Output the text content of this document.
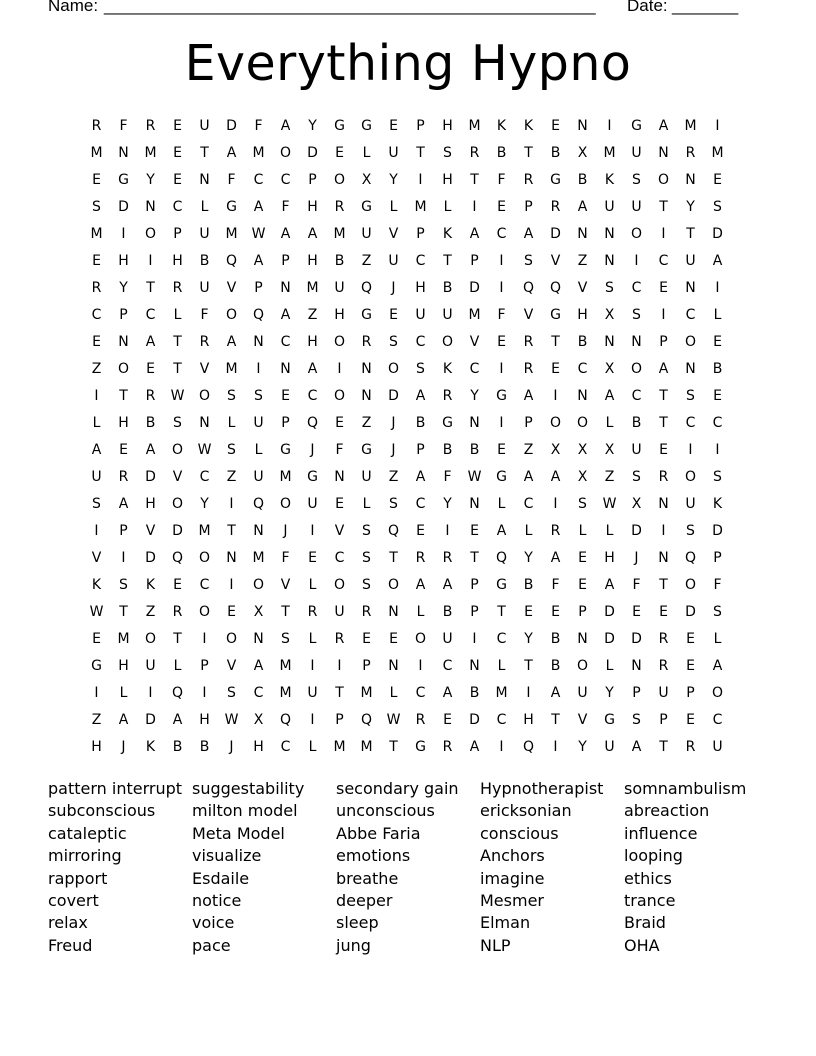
Name: ____________________________________________________ Date: _______
Everything Hypno
R	F	R	E	U	D	F	A	Y	G	G	E	P	H	M	K	K	E	N	I	G	A	M	I
M	N	M	E	T	A	M	O	D	E	L	U	T	S	R	B	T	B	X	M	U	N	R	M
E	G	Y	E	N	F	C	C	P	O	X	Y	I	H	T	F	R	G	B	K	S	O	N	E
S	D	N	C	L	G	A	F	H	R	G	L	M	L	I	E	P	R	A	U	U	T	Y	S
M	I	O	P	U	M	W	A	A	M	U	V	P	K	A	C	A	D	N	N	O	I	T	D
E	H	I	H	B	Q	A	P	H	B	Z	U	C	T	P	I	S	V	Z	N	I	C	U	A
R	Y	T	R	U	V	P	N	M	U	Q	J	H	B	D	I	Q	Q	V	S	C	E	N	I
C	P	C	L	F	O	Q	A	Z	H	G	E	U	U	M	F	V	G	H	X	S	I	C	L
E	N	A	T	R	A	N	C	H	O	R	S	C	O	V	E	R	T	B	N	N	P	O	E
Z	O	E	T	V	M	I	N	A	I	N	O	S	K	C	I	R	E	C	X	O	A	N	B
I	T	R	W	O	S	S	E	C	O	N	D	A	R	Y	G	A	I	N	A	C	T	S	E
L	H	B	S	N	L	U	P	Q	E	Z	J	B	G	N	I	P	O	O	L	B	T	C	C
A	E	A	O	W	S	L	G	J	F	G	J	P	B	B	E	Z	X	X	X	U	E	I	I
U	R	D	V	C	Z	U	M	G	N	U	Z	A	F	W	G	A	A	X	Z	S	R	O	S
S	A	H	O	Y	I	Q	O	U	E	L	S	C	Y	N	L	C	I	S	W	X	N	U	K
I	P	V	D	M	T	N	J	I	V	S	Q	E	I	E	A	L	R	L	L	D	I	S	D
V	I	D	Q	O	N	M	F	E	C	S	T	R	R	T	Q	Y	A	E	H	J	N	Q	P
K	S	K	E	C	I	O	V	L	O	S	O	A	A	P	G	B	F	E	A	F	T	O	F
W	T	Z	R	O	E	X	T	R	U	R	N	L	B	P	T	E	E	P	D	E	E	D	S
E	M	O	T	I	O	N	S	L	R	E	E	O	U	I	C	Y	B	N	D	D	R	E	L
G	H	U	L	P	V	A	M	I	I	P	N	I	C	N	L	T	B	O	L	N	R	E	A
I	L	I	Q	I	S	C	M	U	T	M	L	C	A	B	M	I	A	U	Y	P	U	P	O
Z	A	D	A	H	W	X	Q	I	P	Q	W	R	E	D	C	H	T	V	G	S	P	E	C
H	J	K	B	B	J	H	C	L	M	M	T	G	R	A	I	Q	I	Y	U	A	T	R	U
pattern interrupt
subconscious
cataleptic
mirroring
rapport
covert
relax
Freud
suggestability
milton model
Meta Model
visualize
Esdaile
notice
voice
pace
secondary gain
unconscious
Abbe Faria
emotions
breathe
deeper
sleep
jung
Hypnotherapist
ericksonian
conscious
Anchors
imagine
Mesmer
Elman
NLP
somnambulism
abreaction
influence
looping
ethics
trance
Braid
OHA
